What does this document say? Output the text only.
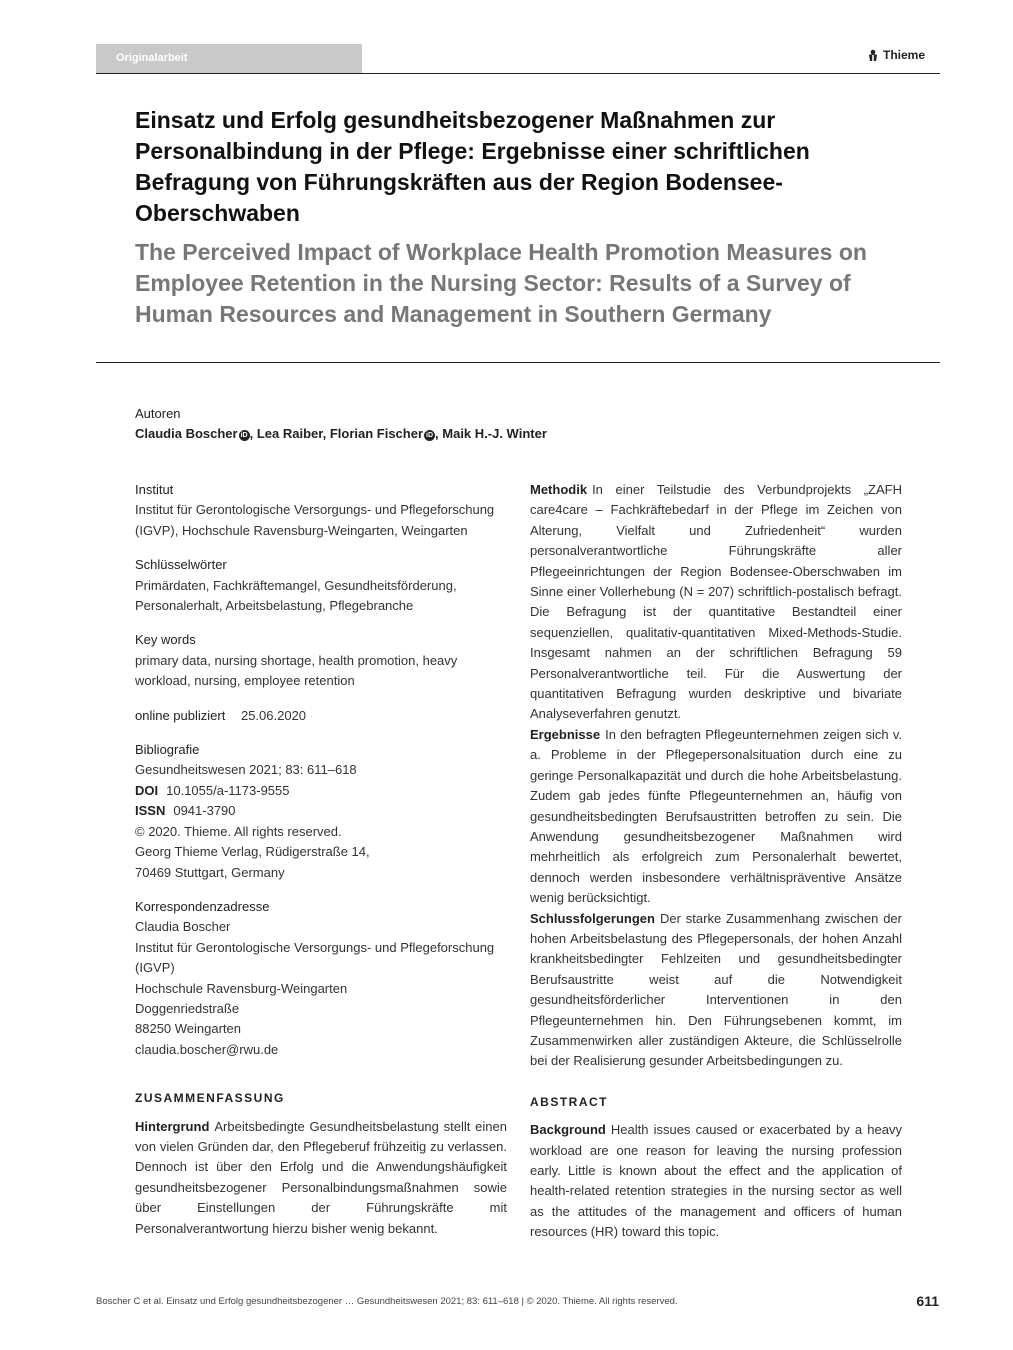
Originalarbeit	Thieme
Einsatz und Erfolg gesundheitsbezogener Maßnahmen zur Personalbindung in der Pflege: Ergebnisse einer schriftlichen Befragung von Führungskräften aus der Region Bodensee-Oberschwaben
The Perceived Impact of Workplace Health Promotion Measures on Employee Retention in the Nursing Sector: Results of a Survey of Human Resources and Management in Southern Germany
Autoren
Claudia Boscher iD , Lea Raiber, Florian Fischer iD , Maik H.-J. Winter
Institut
Institut für Gerontologische Versorgungs- und Pflegeforschung (IGVP), Hochschule Ravensburg-Weingarten, Weingarten
Schlüsselwörter
Primärdaten, Fachkräftemangel, Gesundheitsförderung, Personalerhalt, Arbeitsbelastung, Pflegebranche
Key words
primary data, nursing shortage, health promotion, heavy workload, nursing, employee retention
online publiziert 25.06.2020
Bibliografie
Gesundheitswesen 2021; 83: 611–618
DOI 10.1055/a-1173-9555
ISSN 0941-3790
© 2020. Thieme. All rights reserved.
Georg Thieme Verlag, Rüdigerstraße 14,
70469 Stuttgart, Germany
Korrespondenzadresse
Claudia Boscher
Institut für Gerontologische Versorgungs- und Pflegeforschung (IGVP)
Hochschule Ravensburg-Weingarten
Doggenriedstraße
88250 Weingarten
claudia.boscher@rwu.de
ZUSAMMENFASSUNG

Hintergrund Arbeitsbedingte Gesundheitsbelastung stellt einen von vielen Gründen dar, den Pflegeberuf frühzeitig zu verlassen. Dennoch ist über den Erfolg und die Anwendungshäufigkeit gesundheitsbezogener Personalbindungsmaßnahmen sowie über Einstellungen der Führungskräfte mit Personalverantwortung hierzu bisher wenig bekannt.

Methodik In einer Teilstudie des Verbundprojekts „ZAFH care4care – Fachkräftebedarf in der Pflege im Zeichen von Alterung, Vielfalt und Zufriedenheit“ wurden personalverantwortliche Führungskräfte aller Pflegeeinrichtungen der Region Bodensee-Oberschwaben im Sinne einer Vollerhebung (N = 207) schriftlich-postalisch befragt. Die Befragung ist der quantitative Bestandteil einer sequenziellen, qualitativ-quantitativen Mixed-Methods-Studie. Insgesamt nahmen an der schriftlichen Befragung 59 Personalverantwortliche teil. Für die Auswertung der quantitativen Befragung wurden deskriptive und bivariate Analyseverfahren genutzt.

Ergebnisse In den befragten Pflegeunternehmen zeigen sich v. a. Probleme in der Pflegepersonalsituation durch eine zu geringe Personalkapazität und durch die hohe Arbeitsbelastung. Zudem gab jedes fünfte Pflegeunternehmen an, häufig von gesundheitsbedingten Berufsaustritten betroffen zu sein. Die Anwendung gesundheitsbezogener Maßnahmen wird mehrheitlich als erfolgreich zum Personalerhalt bewertet, dennoch werden insbesondere verhältnispräventive Ansätze wenig berücksichtigt.

Schlussfolgerungen Der starke Zusammenhang zwischen der hohen Arbeitsbelastung des Pflegepersonals, der hohen Anzahl krankheitsbedingter Fehlzeiten und gesundheitsbedingter Berufsaustritte weist auf die Notwendigkeit gesundheitsförderlicher Interventionen in den Pflegeunternehmen hin. Den Führungsebenen kommt, im Zusammenwirken aller zuständigen Akteure, die Schlüsselrolle bei der Realisierung gesunder Arbeitsbedingungen zu.

ABSTRACT

Background Health issues caused or exacerbated by a heavy workload are one reason for leaving the nursing profession early. Little is known about the effect and the application of health-related retention strategies in the nursing sector as well as the attitudes of the management and officers of human resources (HR) toward this topic.

Boscher C et al. Einsatz und Erfolg gesundheitsbezogener … Gesundheitswesen 2021; 83: 611–618 | © 2020. Thieme. All rights reserved.	611
